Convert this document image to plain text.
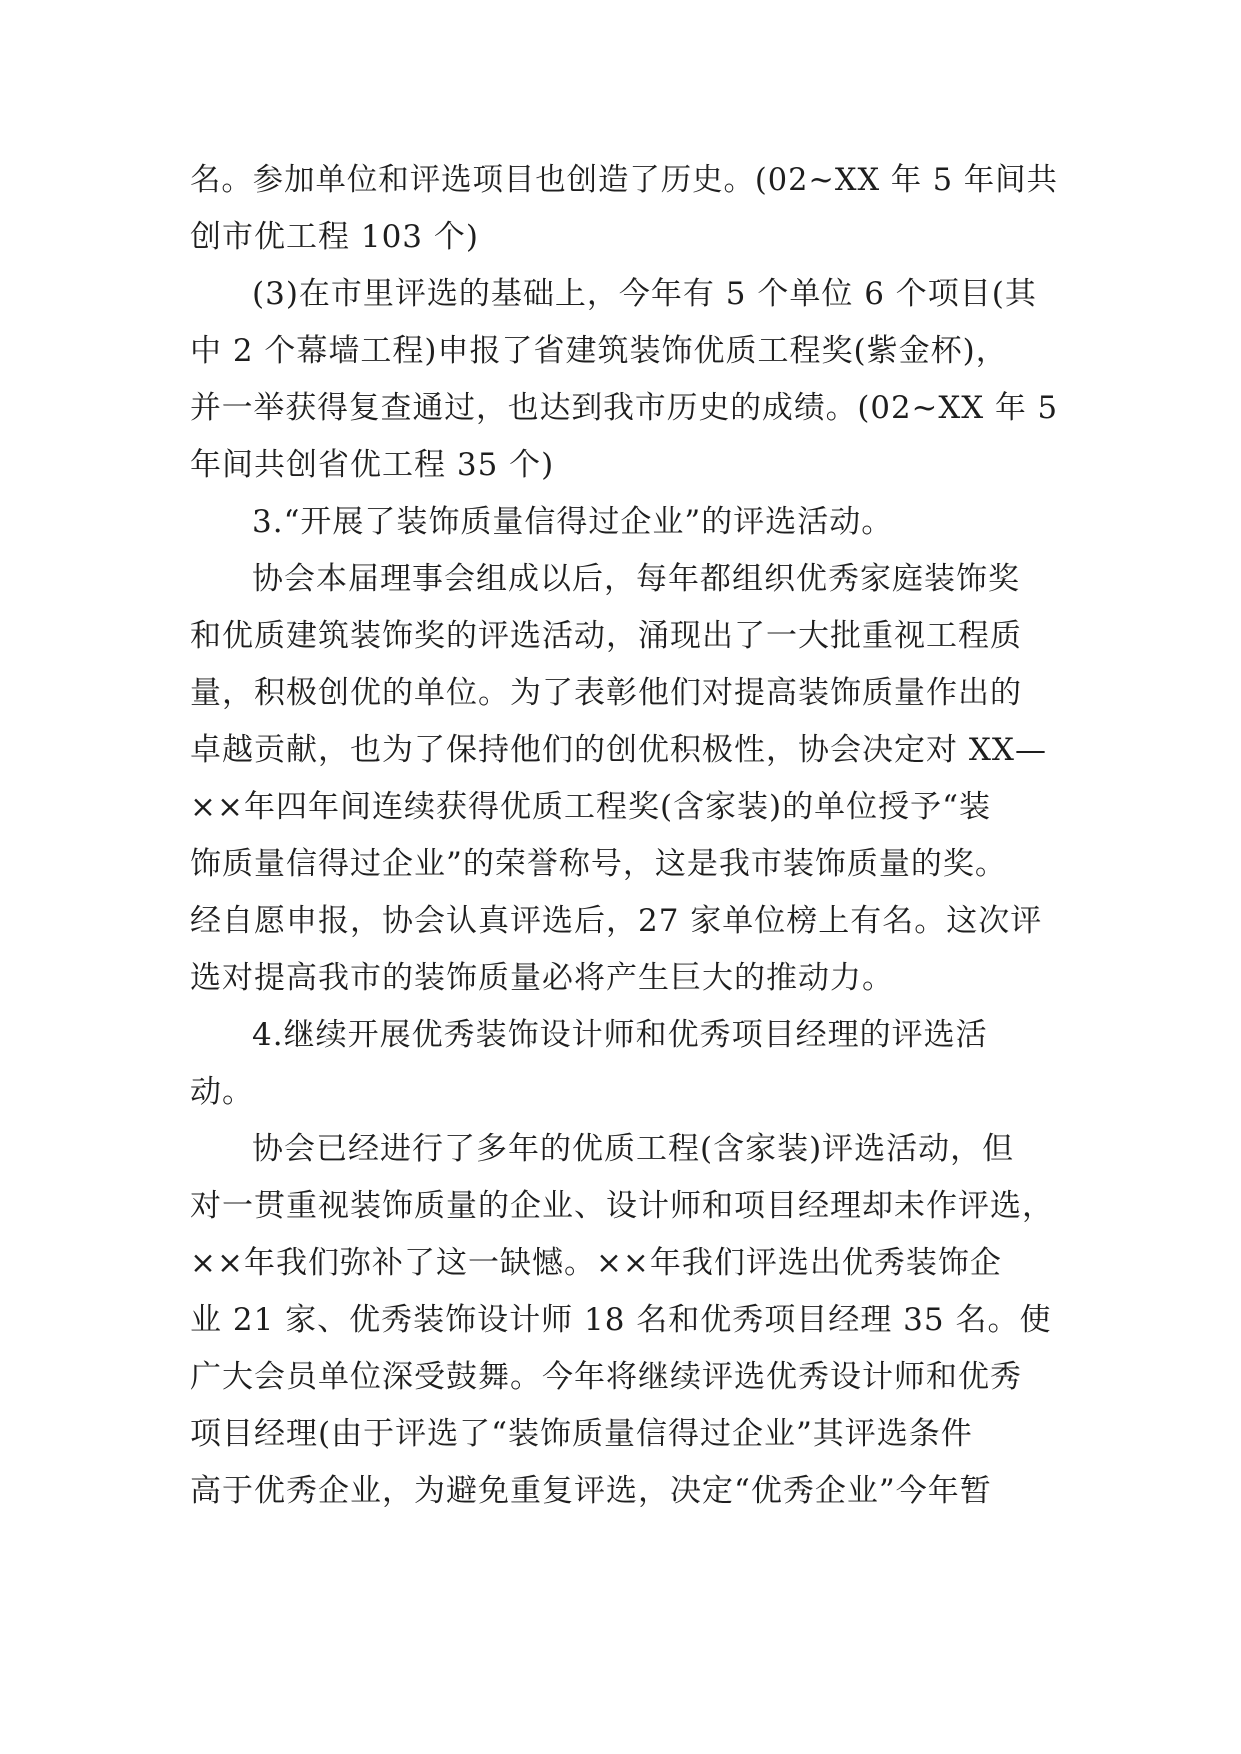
名。参加单位和评选项目也创造了历史。(02~XX 年 5 年间共
创市优工程 103 个)
(3)在市里评选的基础上，今年有 5 个单位 6 个项目(其
中 2 个幕墙工程)申报了省建筑装饰优质工程奖(紫金杯)，
并一举获得复查通过，也达到我市历史的成绩。(02~XX 年 5
年间共创省优工程 35 个)
3.“开展了装饰质量信得过企业”的评选活动。
协会本届理事会组成以后，每年都组织优秀家庭装饰奖
和优质建筑装饰奖的评选活动，涌现出了一大批重视工程质
量，积极创优的单位。为了表彰他们对提高装饰质量作出的
卓越贡献，也为了保持他们的创优积极性，协会决定对 XX—
××年四年间连续获得优质工程奖(含家装)的单位授予“装
饰质量信得过企业”的荣誉称号，这是我市装饰质量的奖。
经自愿申报，协会认真评选后，27 家单位榜上有名。这次评
选对提高我市的装饰质量必将产生巨大的推动力。
4.继续开展优秀装饰设计师和优秀项目经理的评选活
动。
协会已经进行了多年的优质工程(含家装)评选活动，但
对一贯重视装饰质量的企业、设计师和项目经理却未作评选，
××年我们弥补了这一缺憾。××年我们评选出优秀装饰企
业 21 家、优秀装饰设计师 18 名和优秀项目经理 35 名。使
广大会员单位深受鼓舞。今年将继续评选优秀设计师和优秀
项目经理(由于评选了“装饰质量信得过企业”其评选条件
高于优秀企业，为避免重复评选，决定“优秀企业”今年暂
